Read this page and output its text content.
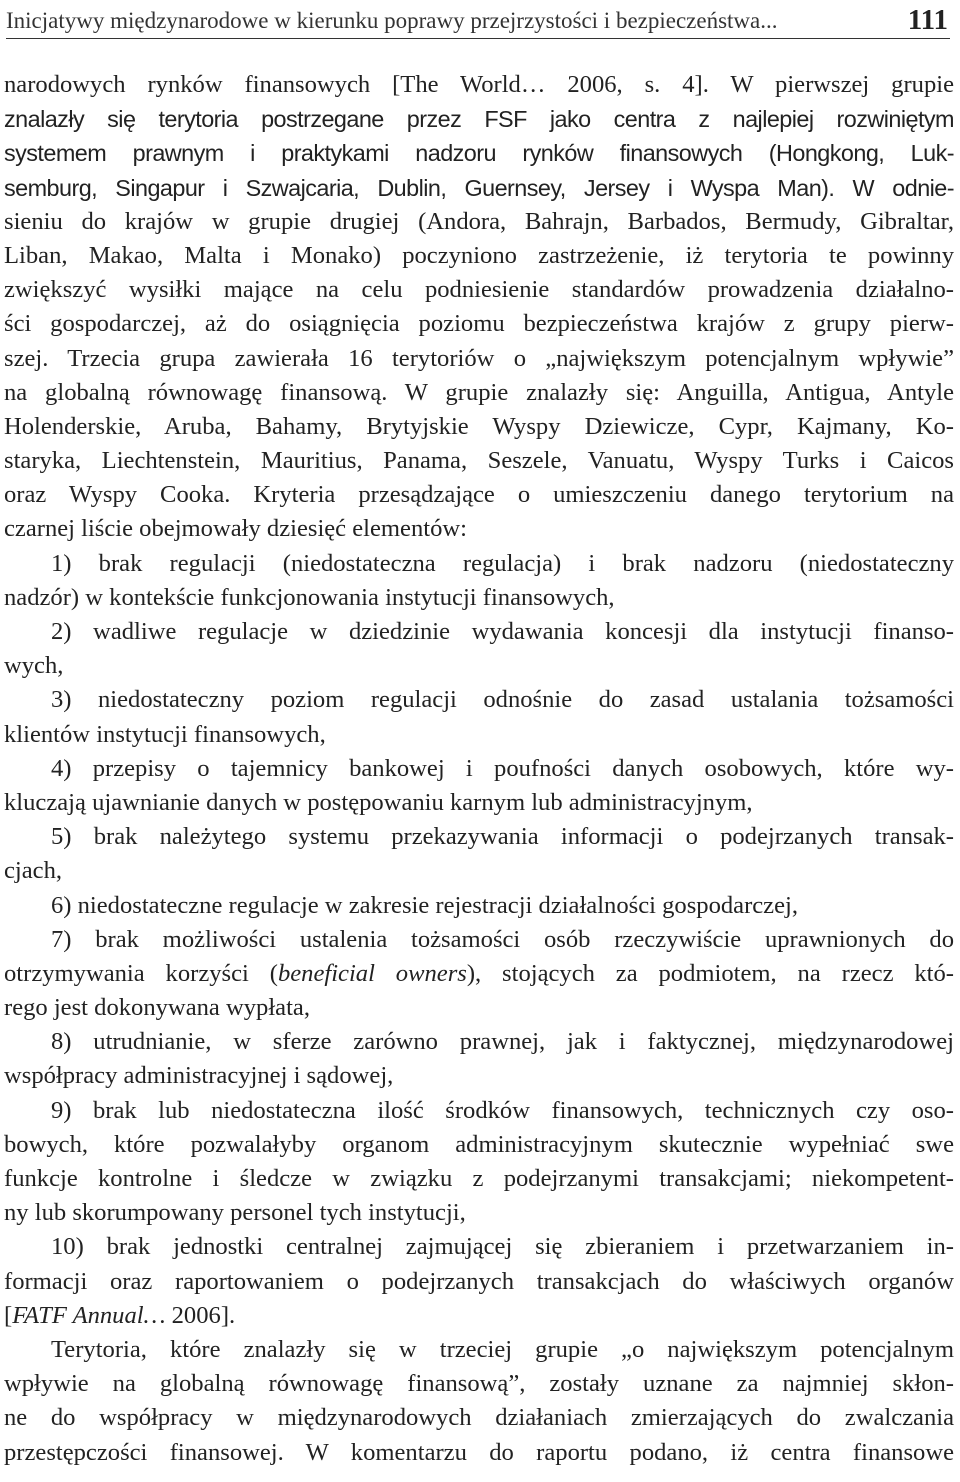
Inicjatywy międzynarodowe w kierunku poprawy przejrzystości i bezpieczeństwa...	111
narodowych rynków finansowych [The World… 2006, s. 4]. W pierwszej grupie
znalazły się terytoria postrzegane przez FSF jako centra z najlepiej rozwiniętym
systemem prawnym i praktykami nadzoru rynków finansowych (Hongkong, Luk-
semburg, Singapur i Szwajcaria, Dublin, Guernsey, Jersey i Wyspa Man). W odnie-
sieniu do krajów w grupie drugiej (Andora, Bahrajn, Barbados, Bermudy, Gibraltar,
Liban, Makao, Malta i Monako) poczyniono zastrzeżenie, iż terytoria te powinny
zwiększyć wysiłki mające na celu podniesienie standardów prowadzenia działalno-
ści gospodarczej, aż do osiągnięcia poziomu bezpieczeństwa krajów z grupy pierw-
szej. Trzecia grupa zawierała 16 terytoriów o „największym potencjalnym wpływie”
na globalną równowagę finansową. W grupie znalazły się: Anguilla, Antigua, Antyle
Holenderskie, Aruba, Bahamy, Brytyjskie Wyspy Dziewicze, Cypr, Kajmany, Ko-
staryka, Liechtenstein, Mauritius, Panama, Seszele, Vanuatu, Wyspy Turks i Caicos
oraz Wyspy Cooka. Kryteria przesądzające o umieszczeniu danego terytorium na
czarnej liście obejmowały dziesięć elementów:
1) brak regulacji (niedostateczna regulacja) i brak nadzoru (niedostateczny
nadzór) w kontekście funkcjonowania instytucji finansowych,
2) wadliwe regulacje w dziedzinie wydawania koncesji dla instytucji finanso-
wych,
3) niedostateczny poziom regulacji odnośnie do zasad ustalania tożsamości
klientów instytucji finansowych,
4) przepisy o tajemnicy bankowej i poufności danych osobowych, które wy-
kluczają ujawnianie danych w postępowaniu karnym lub administracyjnym,
5) brak należytego systemu przekazywania informacji o podejrzanych transak-
cjach,
6) niedostateczne regulacje w zakresie rejestracji działalności gospodarczej,
7) brak możliwości ustalenia tożsamości osób rzeczywiście uprawnionych do
otrzymywania korzyści (beneficial owners), stojących za podmiotem, na rzecz któ-
rego jest dokonywana wypłata,
8) utrudnianie, w sferze zarówno prawnej, jak i faktycznej, międzynarodowej
współpracy administracyjnej i sądowej,
9) brak lub niedostateczna ilość środków finansowych, technicznych czy oso-
bowych, które pozwalałyby organom administracyjnym skutecznie wypełniać swe
funkcje kontrolne i śledcze w związku z podejrzanymi transakcjami; niekompetent-
ny lub skorumpowany personel tych instytucji,
10) brak jednostki centralnej zajmującej się zbieraniem i przetwarzaniem in-
formacji oraz raportowaniem o podejrzanych transakcjach do właściwych organów
[FATF Annual… 2006].
Terytoria, które znalazły się w trzeciej grupie „o największym potencjalnym
wpływie na globalną równowagę finansową”, zostały uznane za najmniej skłon-
ne do współpracy w międzynarodowych działaniach zmierzających do zwalczania
przestępczości finansowej. W komentarzu do raportu podano, iż centra finansowe
